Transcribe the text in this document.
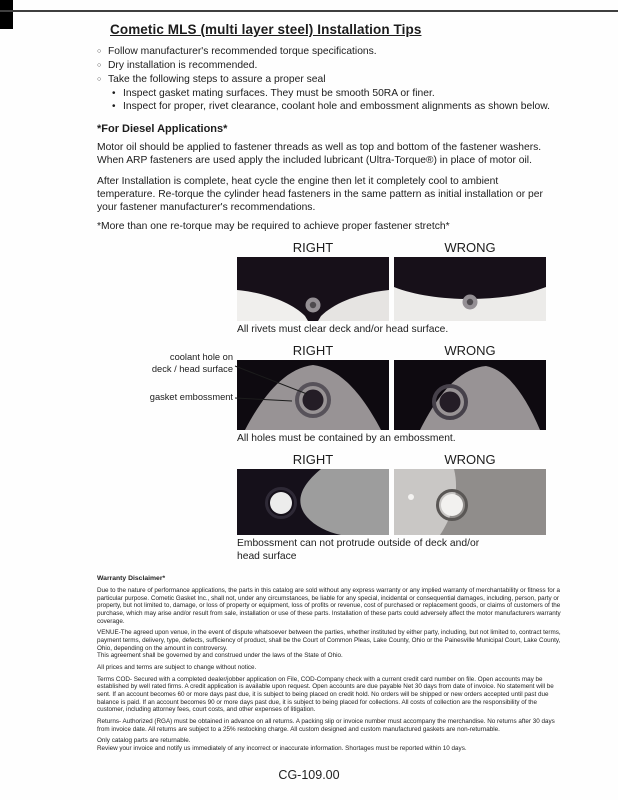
Cometic MLS (multi layer steel) Installation Tips
○
Follow manufacturer's recommended torque specifications.
○
Dry installation is recommended.
○
Take the following steps to assure a proper seal
•
Inspect gasket mating surfaces. They must be smooth 50RA or finer.
•
Inspect for proper, rivet clearance, coolant hole and embossment alignments as shown below.
*For Diesel Applications*

Motor oil should be applied to fastener threads as well as top and bottom of the fastener washers. When ARP fasteners are used apply the included lubricant (Ultra-Torque®) in place of motor oil.

After Installation is complete, heat cycle the engine then let it completely cool to ambient temperature. Re-torque the cylinder head fasteners in the same pattern as initial installation or per your fastener manufacturer's recommendations.

*More than one re-torque may be required to achieve proper fastener stretch*

RIGHT	WRONG
All rivets must clear deck and/or head surface.
RIGHT	WRONG
coolant hole on
deck / head surface
gasket embossment
All holes must be contained by an embossment.
RIGHT	WRONG
Embossment can not protrude outside of deck and/or head surface
Warranty Disclaimer*

Due to the nature of performance applications, the parts in this catalog are sold without any express warranty or any implied warranty of merchantability or fitness for a particular purpose. Cometic Gasket Inc., shall not, under any circumstances, be liable for any special, incidental or consequential damages, including, person, party or property, but not limited to, damage, or loss of property or equipment, loss of profits or revenue, cost of purchased or replacement goods, or claims of customers of the purchase, which may arise and/or result from sale, installation or use of these parts. Installation of these parts could adversely affect the motor manufacturers warranty coverage.

VENUE-The agreed upon venue, in the event of dispute whatsoever between the parties, whether instituted by either party, including, but not limited to, contract terms, payment terms, delivery, type, defects, sufficiency of product, shall be the Court of Common Pleas, Lake County, Ohio or the Painesville Municipal Court, Lake County, Ohio, depending on the amount in controversy.

This agreement shall be governed by and construed under the laws of the State of Ohio.

All prices and terms are subject to change without notice.

Terms COD- Secured with a completed dealer/jobber application on File, COD-Company check with a current credit card number on file. Open accounts may be established by well rated firms. A credit application is available upon request. Open accounts are due payable Net 30 days from date of invoice. No statement will be sent. If an account becomes 60 or more days past due, it is subject to being placed on credit hold. No orders will be shipped or new orders accepted until past due balance is paid. If an account becomes 90 or more days past due, it is subject to being placed for collections. All costs of collection are the responsibility of the customer, including attorney fees, court costs, and other expenses of litigation.

Returns- Authorized (RGA) must be obtained in advance on all returns. A packing slip or invoice number must accompany the merchandise. No returns after 30 days from invoice date. All returns are subject to a 25% restocking charge. All custom designed and custom manufactured gaskets are non-returnable.

Only catalog parts are returnable.

Review your invoice and notify us immediately of any incorrect or inaccurate information. Shortages must be reported within 10 days.

CG-109.00
